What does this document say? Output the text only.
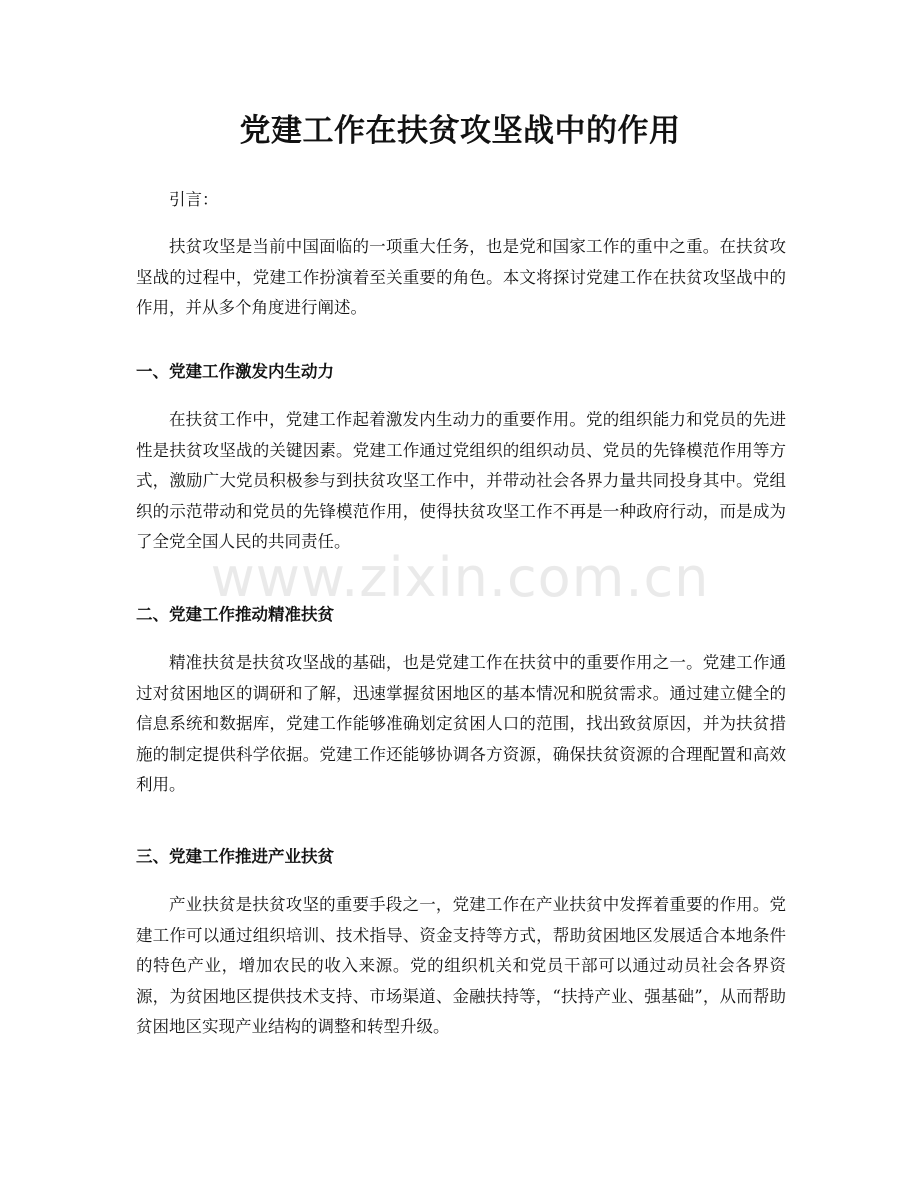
党建工作在扶贫攻坚战中的作用

引言：

扶贫攻坚是当前中国面临的一项重大任务，也是党和国家工作的重中之重。在扶贫攻坚战的过程中，党建工作扮演着至关重要的角色。本文将探讨党建工作在扶贫攻坚战中的作用，并从多个角度进行阐述。

一、党建工作激发内生动力

在扶贫工作中，党建工作起着激发内生动力的重要作用。党的组织能力和党员的先进性是扶贫攻坚战的关键因素。党建工作通过党组织的组织动员、党员的先锋模范作用等方式，激励广大党员积极参与到扶贫攻坚工作中，并带动社会各界力量共同投身其中。党组织的示范带动和党员的先锋模范作用，使得扶贫攻坚工作不再是一种政府行动，而是成为了全党全国人民的共同责任。

二、党建工作推动精准扶贫

精准扶贫是扶贫攻坚战的基础，也是党建工作在扶贫中的重要作用之一。党建工作通过对贫困地区的调研和了解，迅速掌握贫困地区的基本情况和脱贫需求。通过建立健全的信息系统和数据库，党建工作能够准确划定贫困人口的范围，找出致贫原因，并为扶贫措施的制定提供科学依据。党建工作还能够协调各方资源，确保扶贫资源的合理配置和高效利用。

三、党建工作推进产业扶贫

产业扶贫是扶贫攻坚的重要手段之一，党建工作在产业扶贫中发挥着重要的作用。党建工作可以通过组织培训、技术指导、资金支持等方式，帮助贫困地区发展适合本地条件的特色产业，增加农民的收入来源。党的组织机关和党员干部可以通过动员社会各界资源，为贫困地区提供技术支持、市场渠道、金融扶持等，“扶持产业、强基础”，从而帮助贫困地区实现产业结构的调整和转型升级。

www.zixin.com.cn
